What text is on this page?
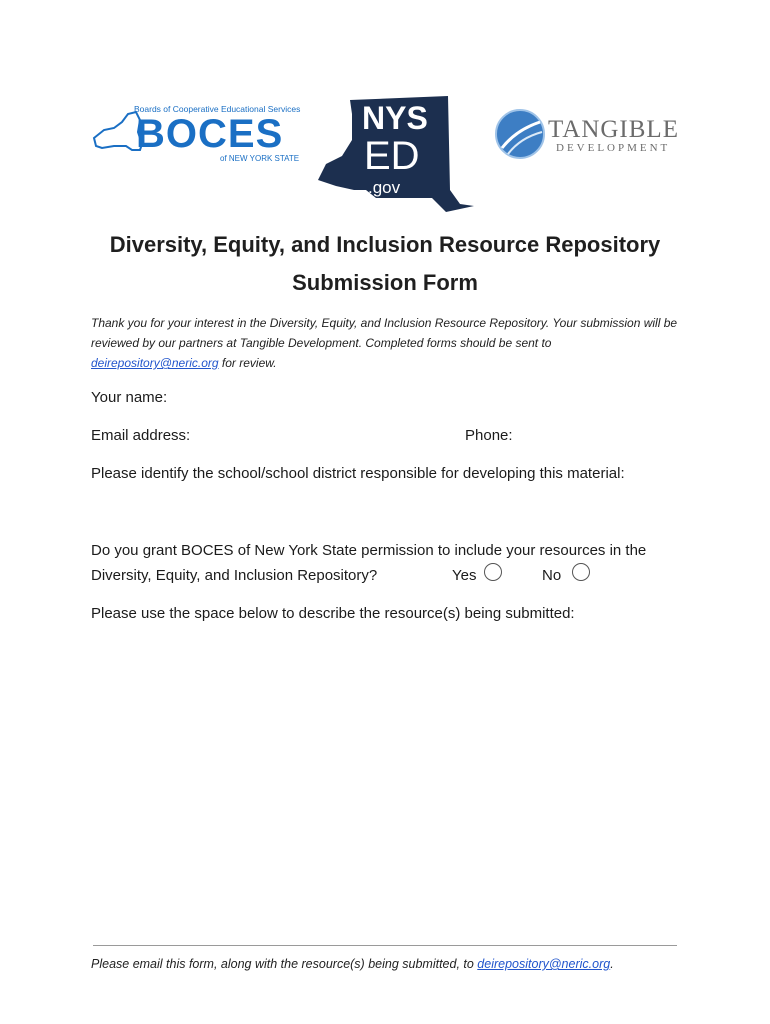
Boards of Cooperative Educational Services
BOCES
of NEW YORK STATE
NYS
ED
.gov
TANGIBLE
DEVELOPMENT
Diversity, Equity, and Inclusion Resource Repository
Submission Form
Thank you for your interest in the Diversity, Equity, and Inclusion Resource Repository. Your submission will be reviewed by our partners at Tangible Development. Completed forms should be sent to deirepository@neric.org for review.
Your name:
Email address:	Phone:
Please identify the school/school district responsible for developing this material:
Do you grant BOCES of New York State permission to include your resources in the
Diversity, Equity, and Inclusion Repository?	Yes	No
Please use the space below to describe the resource(s) being submitted:
Please email this form, along with the resource(s) being submitted, to deirepository@neric.org.
